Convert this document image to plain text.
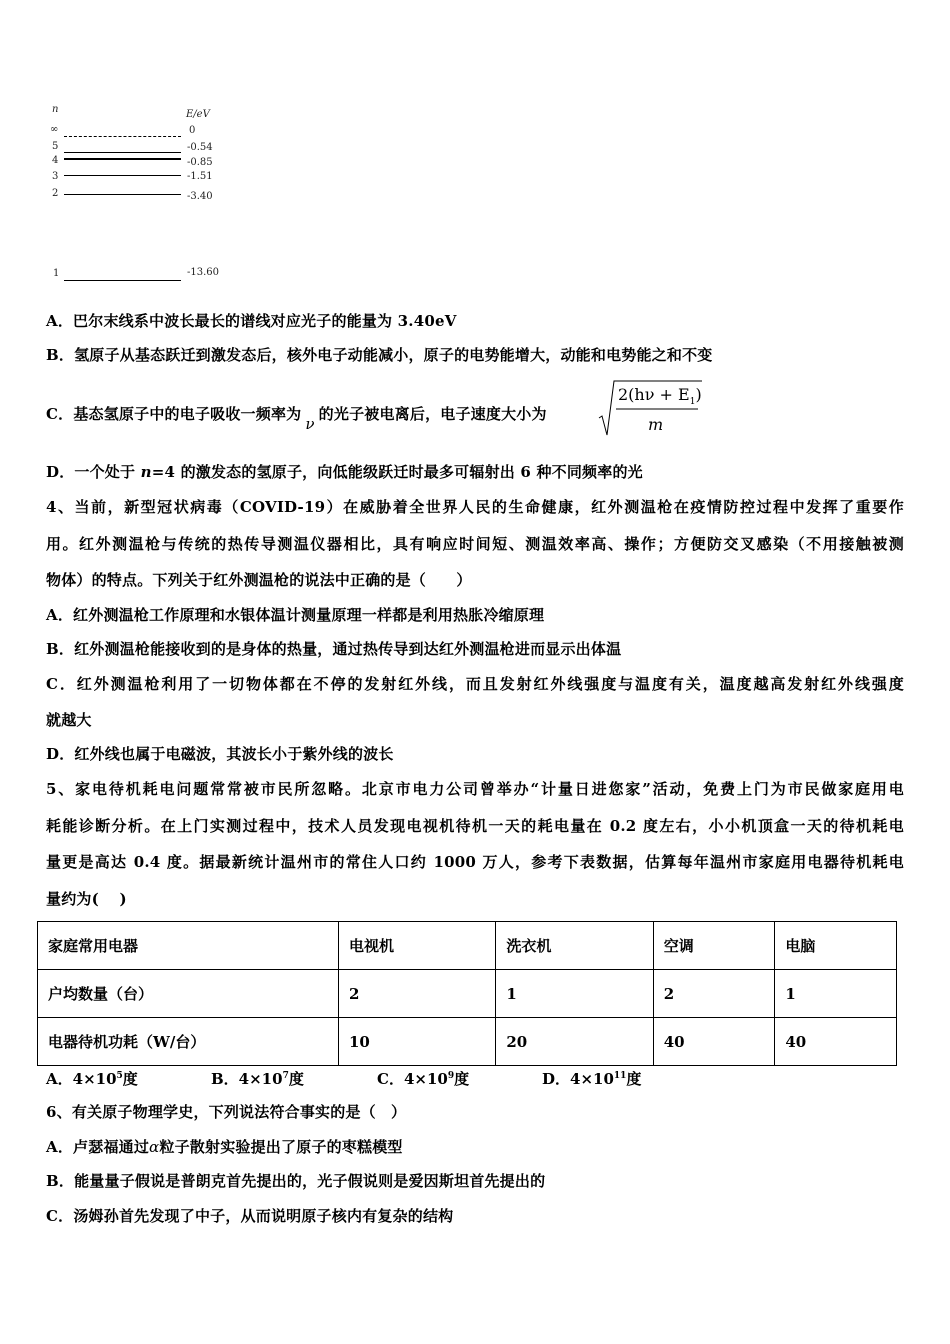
n	E/eV
∞	0
5	-0.54
4	-0.85
3	-1.51
2	-3.40
1	-13.60
A．巴尔末线系中波长最长的谱线对应光子的能量为 3.40eV
B．氢原子从基态跃迁到激发态后，核外电子动能减小，原子的电势能增大，动能和电势能之和不变
C．基态氢原子中的电子吸收一频率为ν的光子被电离后，电子速度大小为
$2(h\nu + E_1)$
m
D．一个处于 n=4 的激发态的氢原子，向低能级跃迁时最多可辐射出 6 种不同频率的光
4、当前，新型冠状病毒（COVID-19）在威胁着全世界人民的生命健康，红外测温枪在疫情防控过程中发挥了重要作
用。红外测温枪与传统的热传导测温仪器相比，具有响应时间短、测温效率高、操作；方便防交叉感染（不用接触被测
物体）的特点。下列关于红外测温枪的说法中正确的是（　　）
A．红外测温枪工作原理和水银体温计测量原理一样都是利用热胀冷缩原理
B．红外测温枪能接收到的是身体的热量，通过热传导到达红外测温枪进而显示出体温
C．红外测温枪利用了一切物体都在不停的发射红外线，而且发射红外线强度与温度有关，温度越高发射红外线强度
就越大
D．红外线也属于电磁波，其波长小于紫外线的波长
5、家电待机耗电问题常常被市民所忽略。北京市电力公司曾举办“计量日进您家”活动，免费上门为市民做家庭用电
耗能诊断分析。在上门实测过程中，技术人员发现电视机待机一天的耗电量在 0.2 度左右，小小机顶盒一天的待机耗电
量更是高达 0.4 度。据最新统计温州市的常住人口约 1000 万人，参考下表数据，估算每年温州市家庭用电器待机耗电
量约为(　 )
家庭常用电器	电视机	洗衣机	空调	电脑
户均数量（台）	2	1	2	1
电器待机功耗（W/台）	10	20	40	40
A．$4\times 10^5$度	B．$4\times 10^7$度	C．$4\times 10^9$度	D．$4\times 10^{11}$度
6、有关原子物理学史，下列说法符合事实的是（　）
A．卢瑟福通过α粒子散射实验提出了原子的枣糕模型
B．能量量子假说是普朗克首先提出的，光子假说则是爱因斯坦首先提出的
C．汤姆孙首先发现了中子，从而说明原子核内有复杂的结构
